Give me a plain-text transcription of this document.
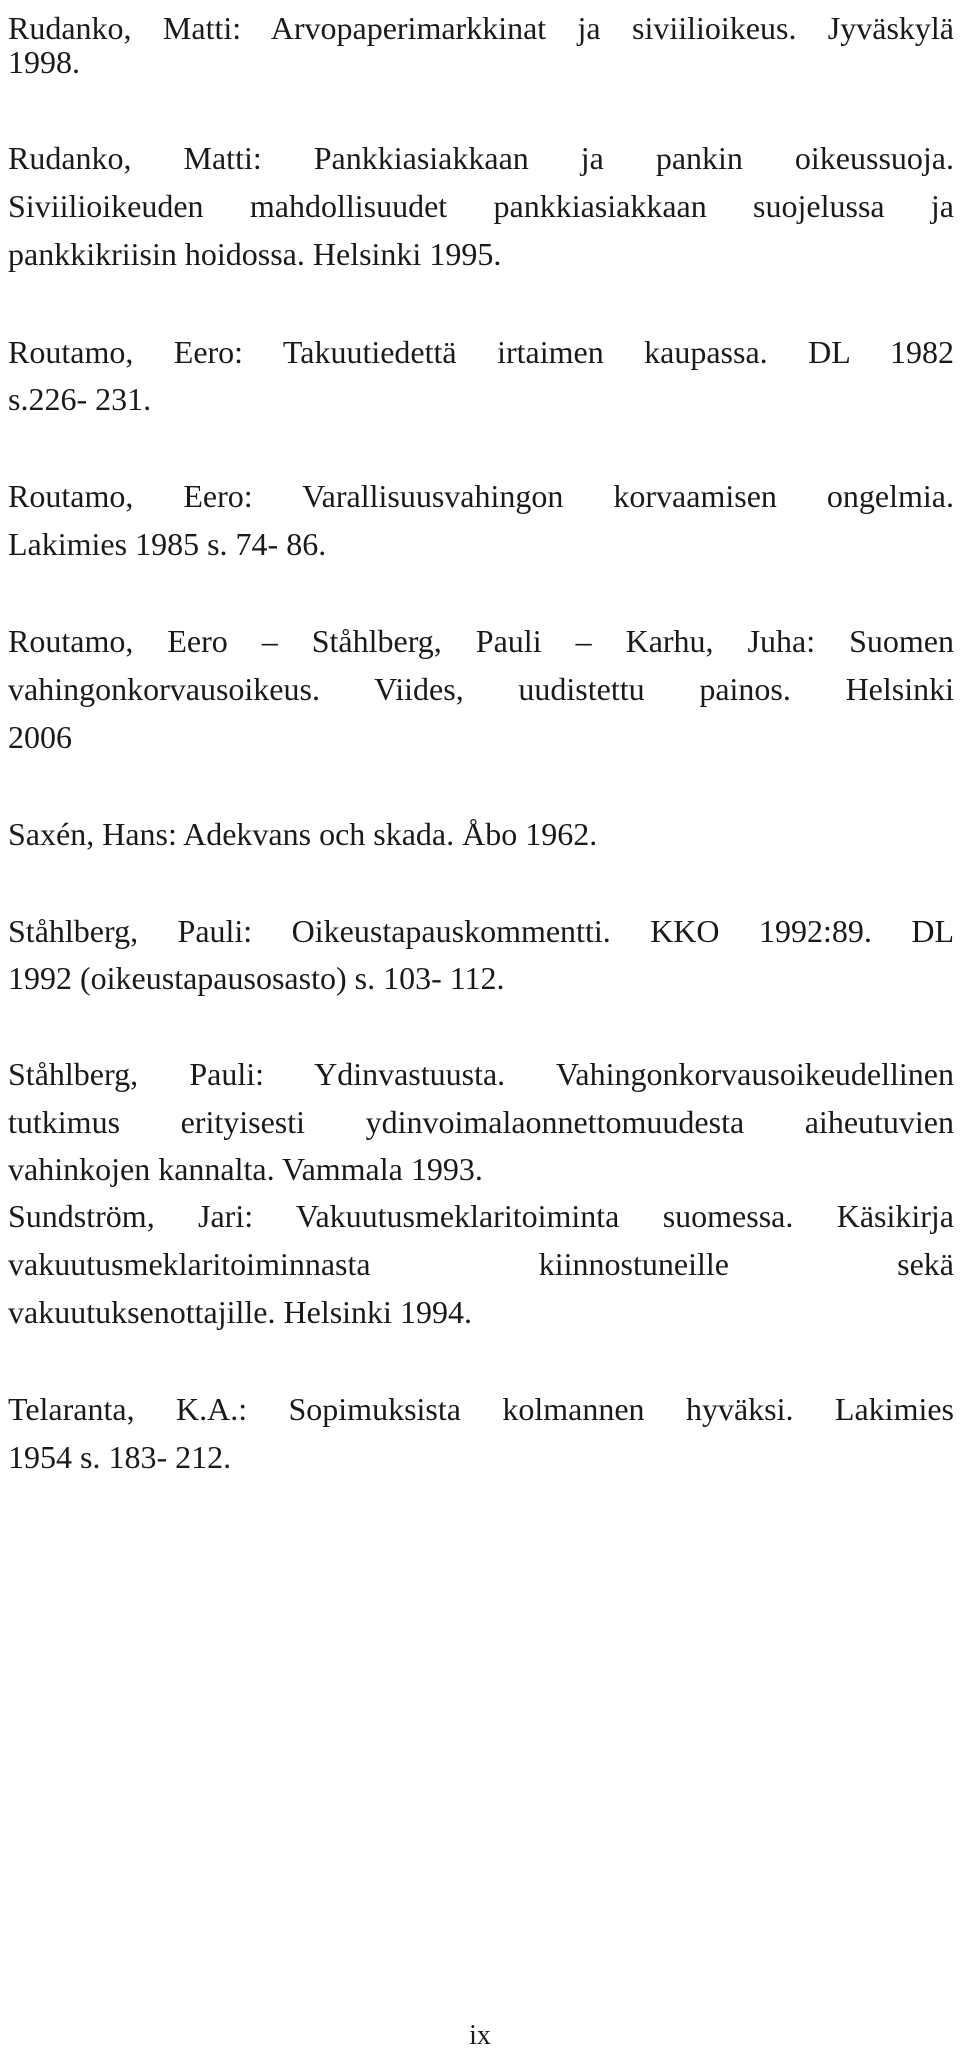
Rudanko, Matti: Arvopaperimarkkinat ja siviilioikeus. Jyväskylä
1998.
Rudanko, Matti: Pankkiasiakkaan ja pankin oikeussuoja.
Siviilioikeuden mahdollisuudet pankkiasiakkaan suojelussa ja
pankkikriisin hoidossa. Helsinki 1995.
Routamo, Eero: Takuutiedettä irtaimen kaupassa. DL 1982
s.226- 231.
Routamo, Eero: Varallisuusvahingon korvaamisen ongelmia.
Lakimies 1985 s. 74- 86.
Routamo, Eero – Ståhlberg, Pauli – Karhu, Juha: Suomen
vahingonkorvausoikeus. Viides, uudistettu painos. Helsinki
2006
Saxén, Hans: Adekvans och skada. Åbo 1962.
Ståhlberg, Pauli: Oikeustapauskommentti. KKO 1992:89. DL
1992 (oikeustapausosasto) s. 103- 112.
Ståhlberg, Pauli: Ydinvastuusta. Vahingonkorvausoikeudellinen
tutkimus erityisesti ydinvoimalaonnettomuudesta aiheutuvien
vahinkojen kannalta. Vammala 1993.
Sundström, Jari: Vakuutusmeklaritoiminta suomessa. Käsikirja
vakuutusmeklaritoiminnasta kiinnostuneille sekä
vakuutuksenottajille. Helsinki 1994.
Telaranta, K.A.: Sopimuksista kolmannen hyväksi. Lakimies
1954 s. 183- 212.
ix
